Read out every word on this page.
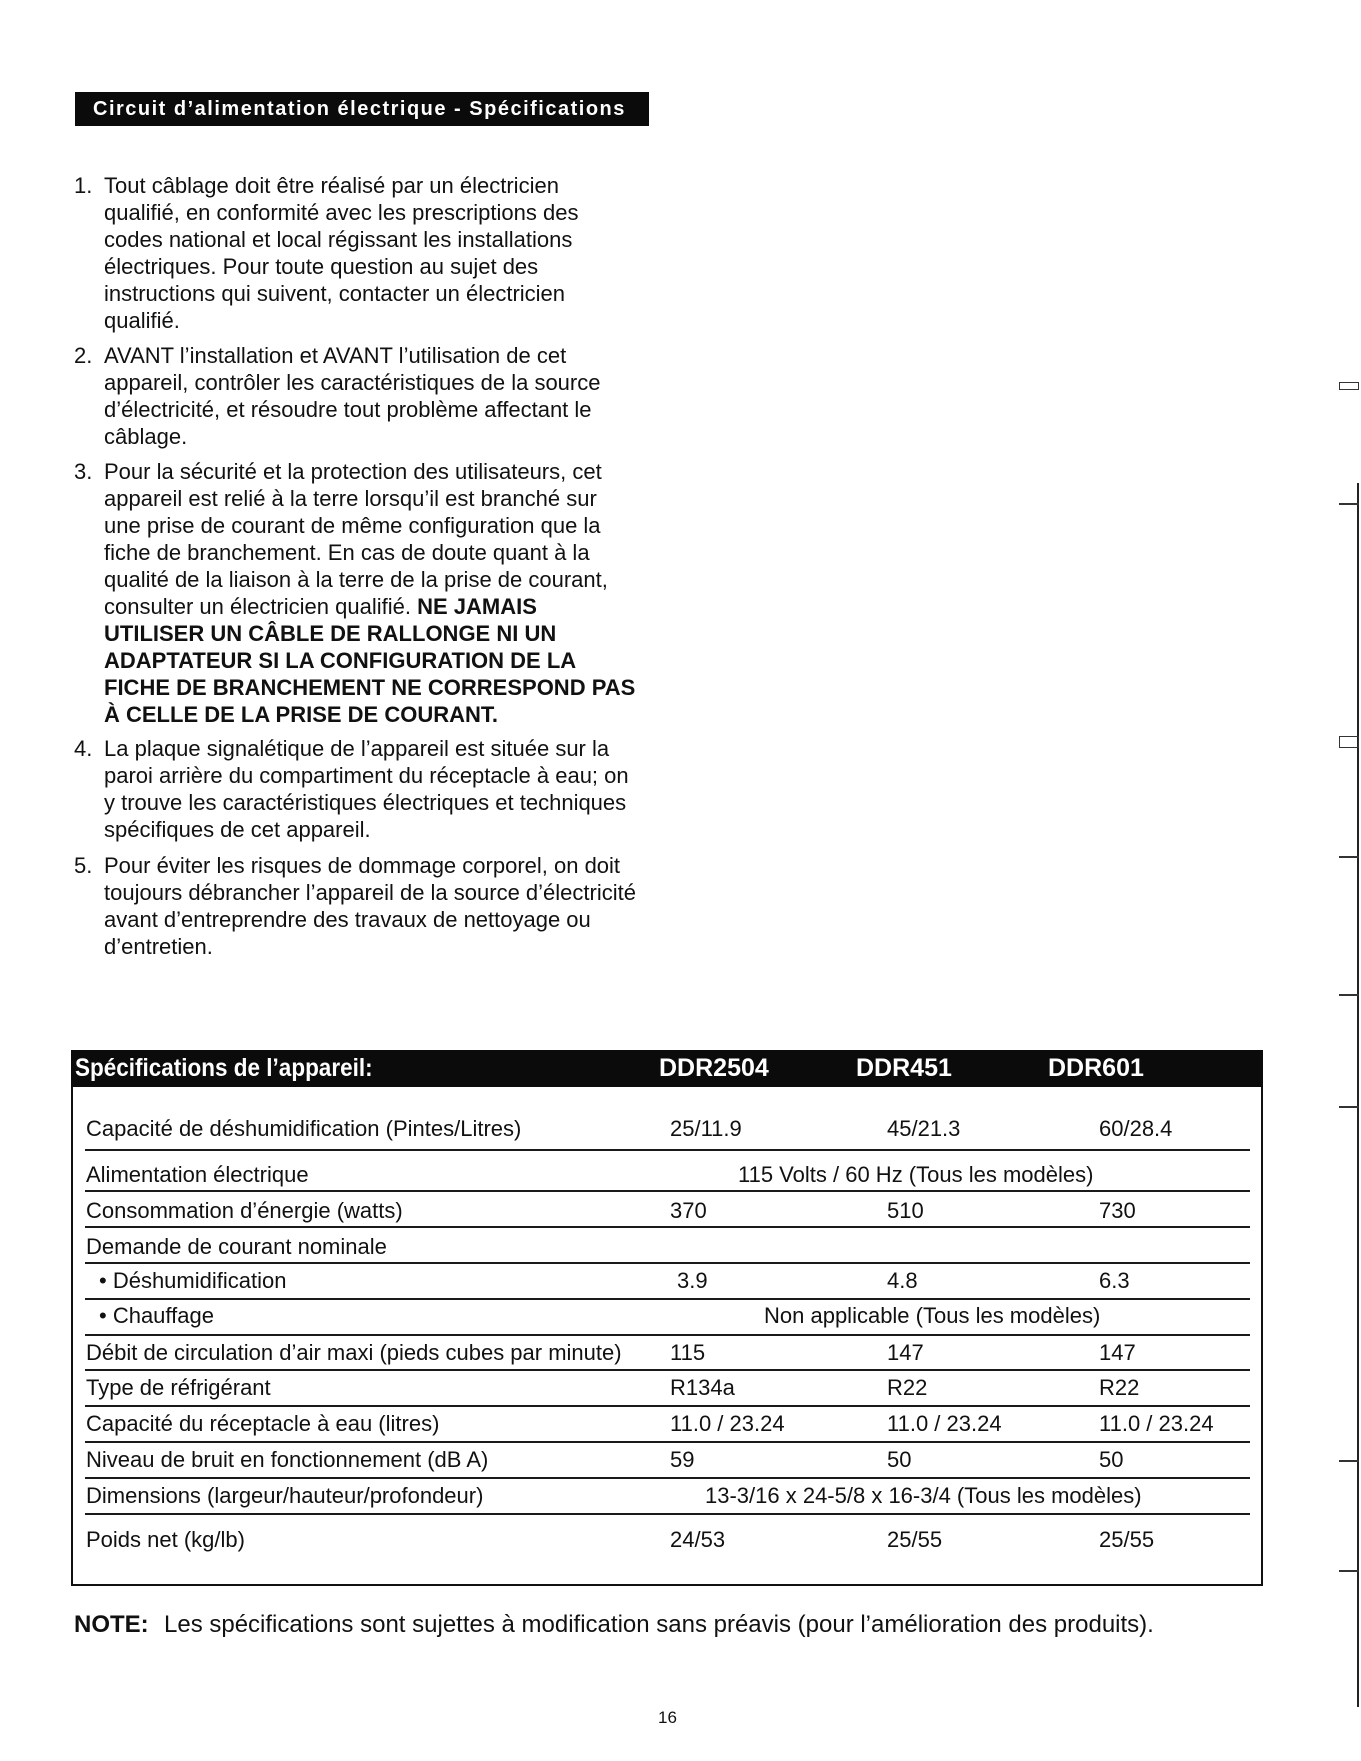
Circuit d’alimentation électrique - Spécifications
1. Tout câblage doit être réalisé par un électricien
qualifié, en conformité avec les prescriptions des
codes national et local régissant les installations
électriques. Pour toute question au sujet des
instructions qui suivent, contacter un électricien
qualifié.
2. AVANT l’installation et AVANT l’utilisation de cet
appareil, contrôler les caractéristiques de la source
d’électricité, et résoudre tout problème affectant le
câblage.
3. Pour la sécurité et la protection des utilisateurs, cet
appareil est relié à la terre lorsqu’il est branché sur
une prise de courant de même configuration que la
fiche de branchement. En cas de doute quant à la
qualité de la liaison à la terre de la prise de courant,
consulter un électricien qualifié. NE JAMAIS
UTILISER UN CÂBLE DE RALLONGE NI UN
ADAPTATEUR SI LA CONFIGURATION DE LA
FICHE DE BRANCHEMENT NE CORRESPOND PAS
À CELLE DE LA PRISE DE COURANT.
4. La plaque signalétique de l’appareil est située sur la
paroi arrière du compartiment du réceptacle à eau; on
y trouve les caractéristiques électriques et techniques
spécifiques de cet appareil.
5. Pour éviter les risques de dommage corporel, on doit
toujours débrancher l’appareil de la source d’électricité
avant d’entreprendre des travaux de nettoyage ou
d’entretien.
Spécifications de l’appareil:	DDR2504	DDR451	DDR601
Capacité de déshumidification (Pintes/Litres)	25/11.9	45/21.3	60/28.4
Alimentation électrique	115 Volts / 60 Hz (Tous les modèles)
Consommation d’énergie (watts)	370	510	730
Demande de courant nominale
• Déshumidification	3.9	4.8	6.3
• Chauffage	Non applicable (Tous les modèles)
Débit de circulation d’air maxi (pieds cubes par minute) 115	147	147
Type de réfrigérant	R134a	R22	R22
Capacité du réceptacle à eau (litres)	11.0 / 23.24	11.0 / 23.24	11.0 / 23.24
Niveau de bruit en fonctionnement (dB A)	59	50	50
Dimensions (largeur/hauteur/profondeur)	13-3/16 x 24-5/8 x 16-3/4 (Tous les modèles)
Poids net (kg/lb)	24/53	25/55	25/55
NOTE: Les spécifications sont sujettes à modification sans préavis (pour l’amélioration des produits).
16
